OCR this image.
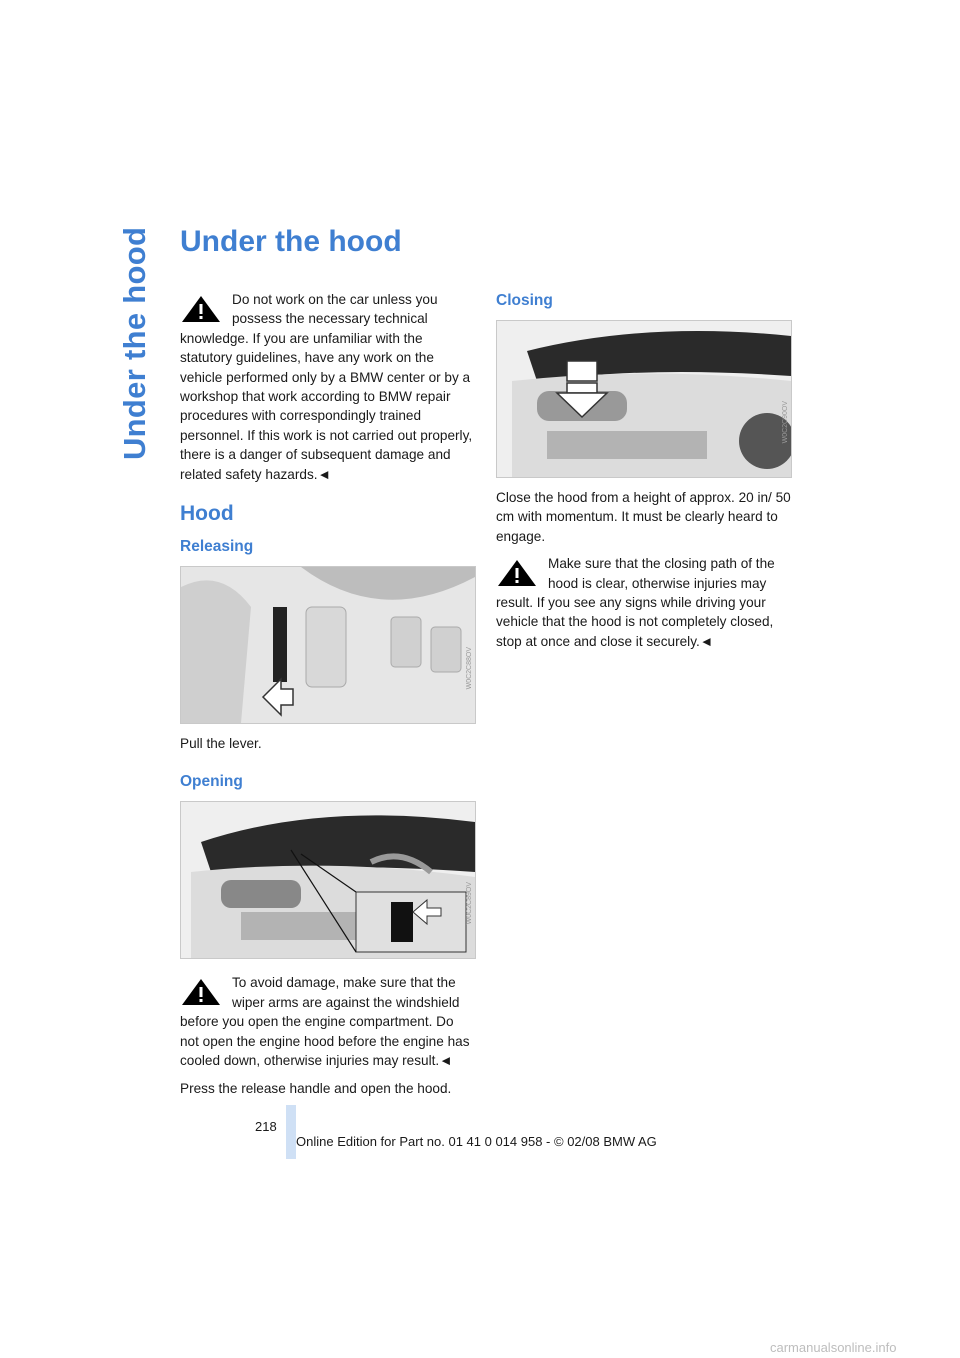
Under the hood Under the hood
Do not work on the car unless you possess the necessary technical knowledge. If you are unfamiliar with the statutory guidelines, have any work on the vehicle performed only by a BMW center or by a workshop that work according to BMW repair procedures with correspondingly trained personnel. If this work is not carried out properly, there is a danger of subsequent damage and related safety hazards.◄
Hood
Releasing
W0C2C88OV

Pull the lever.

Opening
W0C2C89OV
To avoid damage, make sure that the wiper arms are against the windshield before you open the engine compartment. Do not open the engine hood before the engine has cooled down, otherwise injuries may result.◄

Press the release handle and open the hood.

Closing
W0C2C90OV

Close the hood from a height of approx. 20 in/ 50 cm with momentum. It must be clearly heard to engage.

Make sure that the closing path of the hood is clear, otherwise injuries may result. If you see any signs while driving your vehicle that the hood is not completely closed, stop at once and close it securely.◄
218
Online Edition for Part no. 01 41 0 014 958 - © 02/08 BMW AG
carmanualsonline.info
